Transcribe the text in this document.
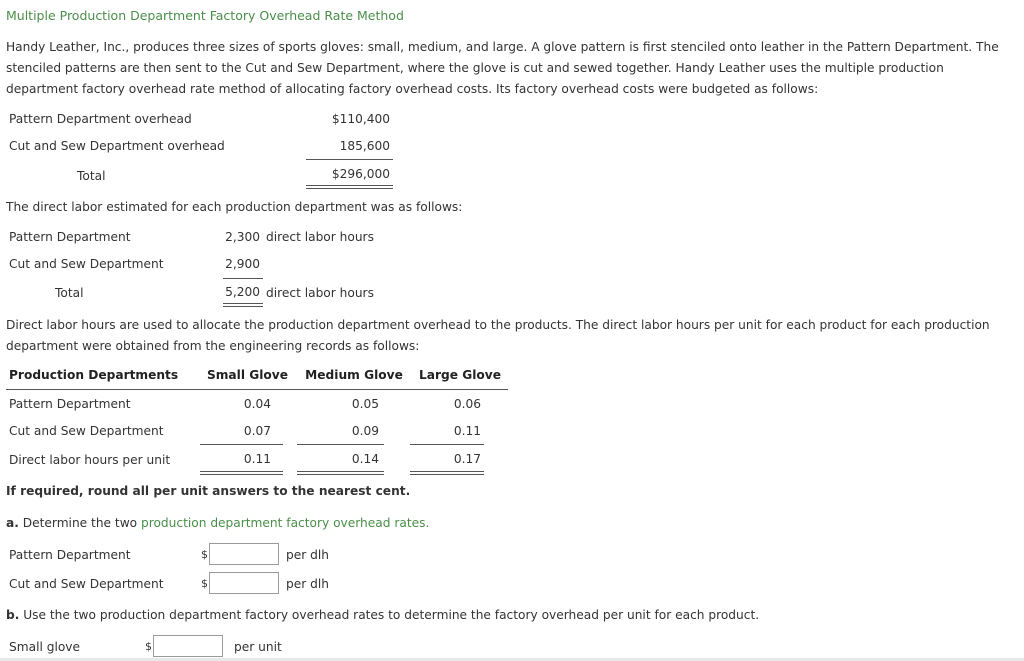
Multiple Production Department Factory Overhead Rate Method
Handy Leather, Inc., produces three sizes of sports gloves: small, medium, and large. A glove pattern is first stenciled onto leather in the Pattern Department. The stenciled patterns are then sent to the Cut and Sew Department, where the glove is cut and sewed together. Handy Leather uses the multiple production department factory overhead rate method of allocating factory overhead costs. Its factory overhead costs were budgeted as follows:
Pattern Department overhead	$110,400
Cut and Sew Department overhead	185,600
Total	$296,000
The direct labor estimated for each production department was as follows:
Pattern Department	2,300 direct labor hours
Cut and Sew Department	2,900
Total	5,200 direct labor hours
Direct labor hours are used to allocate the production department overhead to the products. The direct labor hours per unit for each product for each production department were obtained from the engineering records as follows:
Production Departments	Small Glove	Medium Glove	Large Glove
Pattern Department	0.04	0.05	0.06
Cut and Sew Department	0.07	0.09	0.11
Direct labor hours per unit	0.11	0.14	0.17
If required, round all per unit answers to the nearest cent.
a. Determine the two production department factory overhead rates.
Pattern Department	$	per dlh
Cut and Sew Department	$	per dlh
b. Use the two production department factory overhead rates to determine the factory overhead per unit for each product.
Small glove	$	per unit
